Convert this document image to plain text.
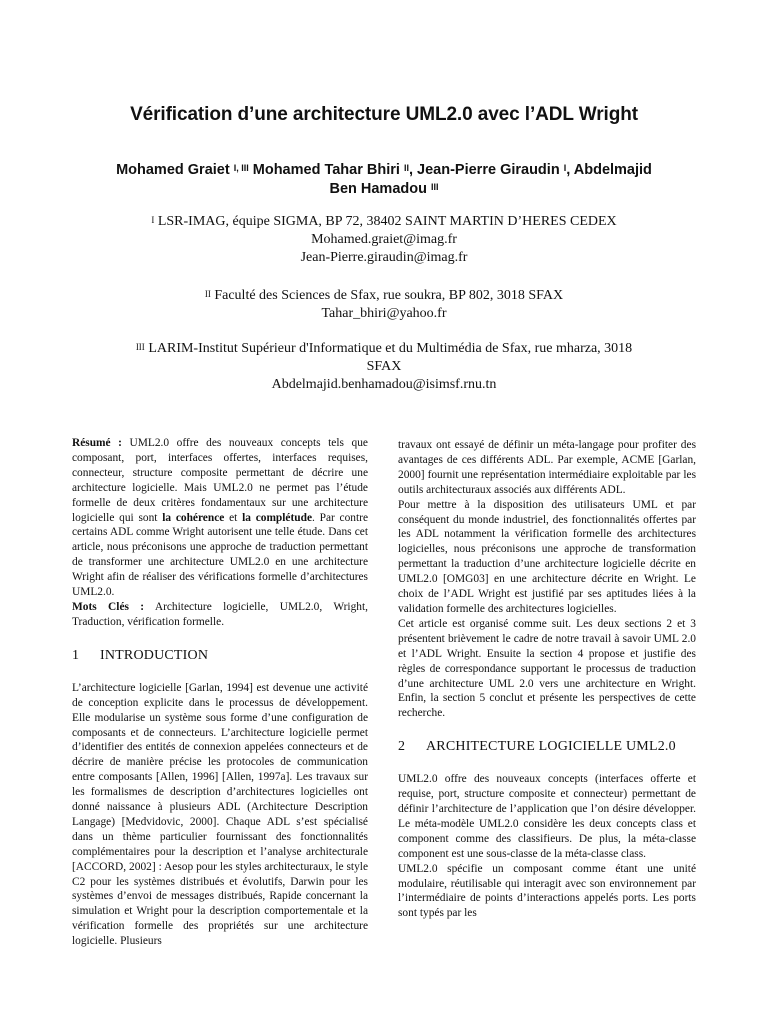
Vérification d’une architecture UML2.0 avec l’ADL Wright
Mohamed Graiet $^{I, III}$ Mohamed Tahar Bhiri $^{II}$, Jean-Pierre Giraudin $^I$, Abdelmajid
Ben Hamadou $^{III}$
$^I$ LSR-IMAG, équipe SIGMA, BP 72, 38402 SAINT MARTIN D’HERES CEDEX
Mohamed.graiet@imag.fr
Jean-Pierre.giraudin@imag.fr
$^{II}$ Faculté des Sciences de Sfax, rue soukra, BP 802, 3018 SFAX
Tahar_bhiri@yahoo.fr
$^{III}$ LARIM-Institut Supérieur d'Informatique et du Multimédia de Sfax, rue mharza, 3018
SFAX
Abdelmajid.benhamadou@isimsf.rnu.tn

Résumé : UML2.0 offre des nouveaux concepts tels que composant, port, interfaces offertes, interfaces requises, connecteur, structure composite permettant de décrire une architecture logicielle. Mais UML2.0 ne permet pas l’étude formelle de deux critères fondamentaux sur une architecture logicielle qui sont la cohérence et la complétude. Par contre certains ADL comme Wright autorisent une telle étude. Dans cet article, nous préconisons une approche de traduction permettant de transformer une architecture UML2.0 en une architecture Wright afin de réaliser des vérifications formelle d’architectures UML2.0.

Mots Clés : Architecture logicielle, UML2.0, Wright, Traduction, vérification formelle.

1	INTRODUCTION

L’architecture logicielle [Garlan, 1994] est devenue une activité de conception explicite dans le processus de développement. Elle modularise un système sous forme d’une configuration de composants et de connecteurs. L’architecture logicielle permet d’identifier des entités de connexion appelées connecteurs et de décrire de manière précise les protocoles de communication entre composants [Allen, 1996] [Allen, 1997a]. Les travaux sur les formalismes de description d’architectures logicielles ont donné naissance à plusieurs ADL (Architecture Description Langage) [Medvidovic, 2000]. Chaque ADL s’est spécialisé dans un thème particulier fournissant des fonctionnalités complémentaires pour la description et l’analyse architecturale [ACCORD, 2002] : Aesop pour les styles architecturaux, le style C2 pour les systèmes distribués et évolutifs, Darwin pour les systèmes d’envoi de messages distribués, Rapide concernant la simulation et Wright pour la description comportementale et la vérification formelle des propriétés sur une architecture logicielle. Plusieurs

travaux ont essayé de définir un méta-langage pour profiter des avantages de ces différents ADL. Par exemple, ACME [Garlan, 2000] fournit une représentation intermédiaire exploitable par les outils architecturaux associés aux différents ADL.

Pour mettre à la disposition des utilisateurs UML et par conséquent du monde industriel, des fonctionnalités offertes par les ADL notamment la vérification formelle des architectures logicielles, nous préconisons une approche de transformation permettant la traduction d’une architecture logicielle décrite en UML2.0 [OMG03] en une architecture décrite en Wright. Le choix de l’ADL Wright est justifié par ses aptitudes liées à la validation formelle des architectures logicielles.

Cet article est organisé comme suit. Les deux sections 2 et 3 présentent brièvement le cadre de notre travail à savoir UML 2.0 et l’ADL Wright. Ensuite la section 4 propose et justifie des règles de correspondance supportant le processus de traduction d’une architecture UML 2.0 vers une architecture en Wright. Enfin, la section 5 conclut et présente les perspectives de cette recherche.

2	ARCHITECTURE LOGICIELLE UML2.0

UML2.0 offre des nouveaux concepts (interfaces offerte et requise, port, structure composite et connecteur) permettant de définir l’architecture de l’application que l’on désire développer. Le méta-modèle UML2.0 considère les deux concepts class et component comme des classifieurs. De plus, la méta-classe component est une sous-classe de la méta-classe class.

UML2.0 spécifie un composant comme étant une unité modulaire, réutilisable qui interagit avec son environnement par l’intermédiaire de points d’interactions appelés ports. Les ports sont typés par les
